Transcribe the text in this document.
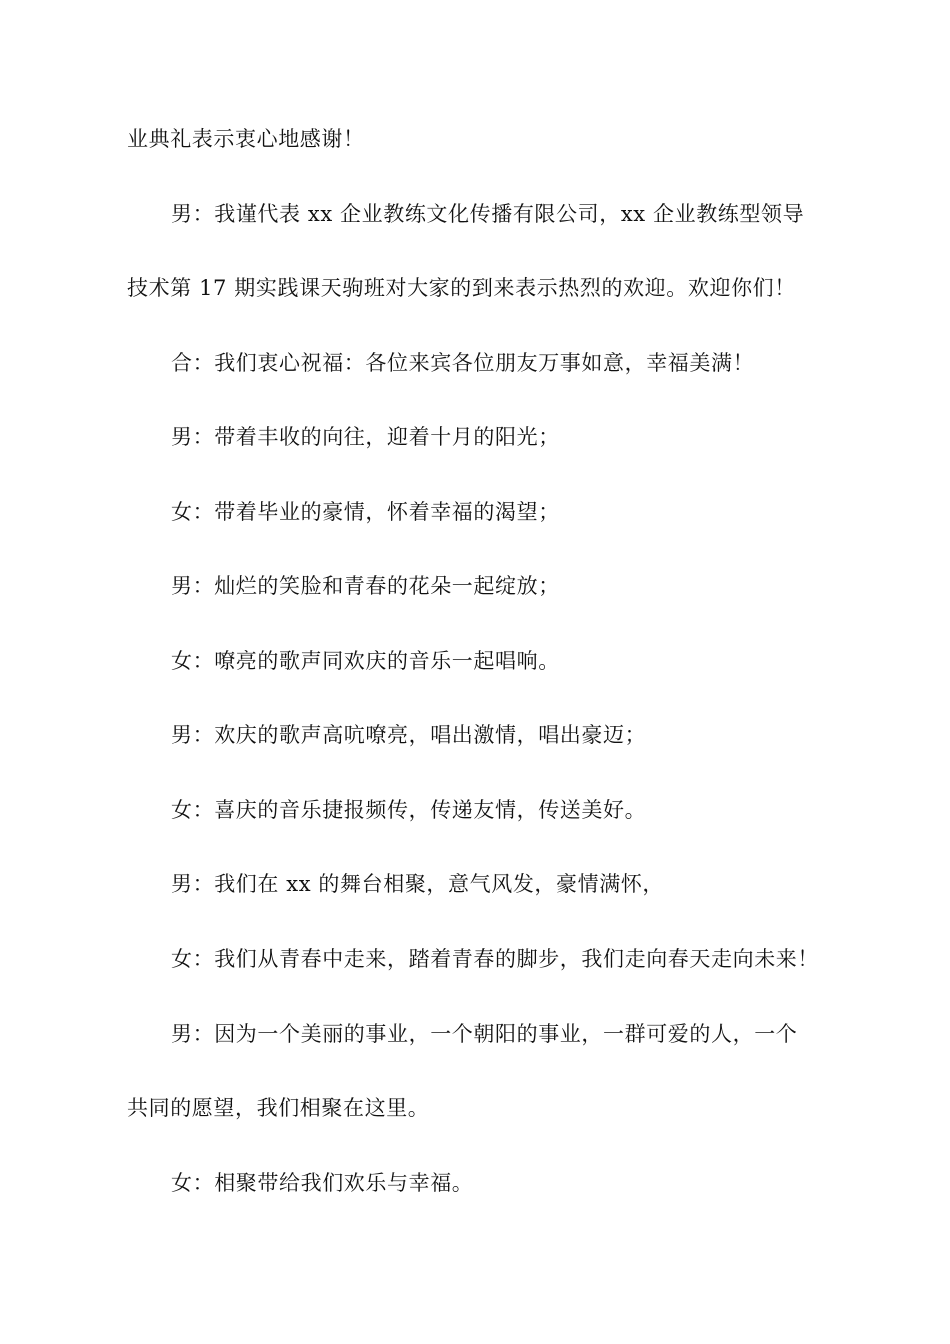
业典礼表示衷心地感谢！
男：我谨代表 xx 企业教练文化传播有限公司，xx 企业教练型领导
技术第 17 期实践课天驹班对大家的到来表示热烈的欢迎。欢迎你们！
合：我们衷心祝福：各位来宾各位朋友万事如意，幸福美满！
男：带着丰收的向往，迎着十月的阳光；
女：带着毕业的豪情，怀着幸福的渴望；
男：灿烂的笑脸和青春的花朵一起绽放；
女：嘹亮的歌声同欢庆的音乐一起唱响。
男：欢庆的歌声高吭嘹亮，唱出激情，唱出豪迈；
女：喜庆的音乐捷报频传，传递友情，传送美好。
男：我们在 xx 的舞台相聚，意气风发，豪情满怀，
女：我们从青春中走来，踏着青春的脚步，我们走向春天走向未来！
男：因为一个美丽的事业，一个朝阳的事业，一群可爱的人，一个
共同的愿望，我们相聚在这里。
女：相聚带给我们欢乐与幸福。
